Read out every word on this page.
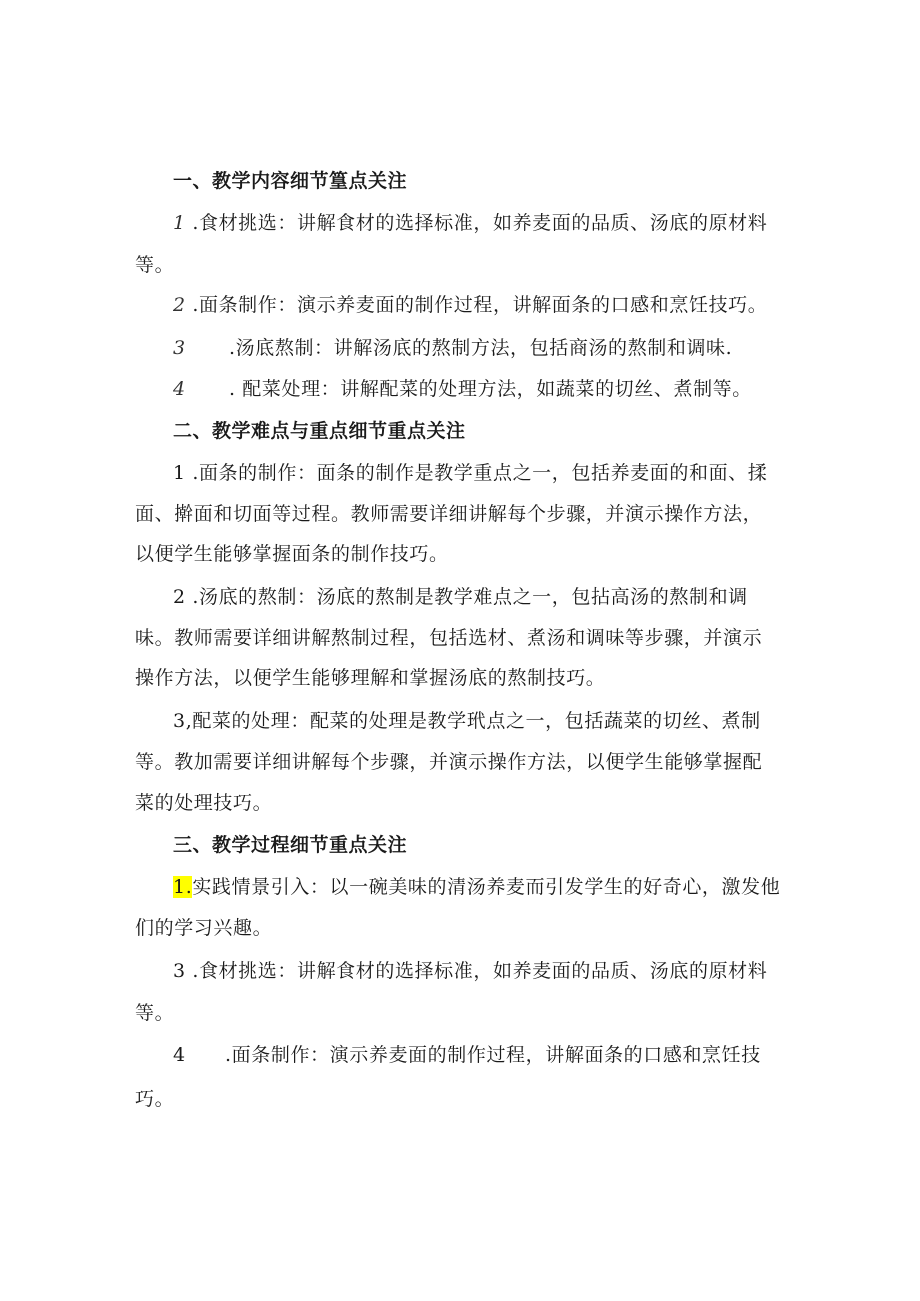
一、教学内容细节篁点关注
1 .食材挑选：讲解食材的选择标准，如养麦面的品质、汤底的原材料
等。
2 .面条制作：演示养麦面的制作过程，讲解面条的口感和烹饪技巧。
3 .汤底熬制：讲解汤底的熬制方法，包括商汤的熬制和调味.
4 . 配菜处理：讲解配菜的处理方法，如蔬菜的切丝、煮制等。
二、教学难点与重点细节重点关注
1 .面条的制作：面条的制作是教学重点之一，包括养麦面的和面、揉
面、擀面和切面等过程。教师需要详细讲解每个步骤，并演示操作方法，
以便学生能够掌握面条的制作技巧。
2 .汤底的熬制：汤底的熬制是教学难点之一，包拈高汤的熬制和调
味。教师需要详细讲解熬制过程，包括选材、煮汤和调味等步骤，并演示
操作方法，以便学生能够理解和掌握汤底的熬制技巧。
3,配菜的处理：配菜的处理是教学玳点之一，包括蔬菜的切丝、煮制
等。教加需要详细讲解每个步骤，并演示操作方法，以便学生能够掌握配
菜的处理技巧。
三、教学过程细节重点关注
1.实践情景引入：以一碗美味的清汤养麦而引发学生的好奇心，激发他
们的学习兴趣。
3 .食材挑选：讲解食材的选择标准，如养麦面的品质、汤底的原材料
等。
4 .面条制作：演示养麦面的制作过程，讲解面条的口感和烹饪技
巧。
